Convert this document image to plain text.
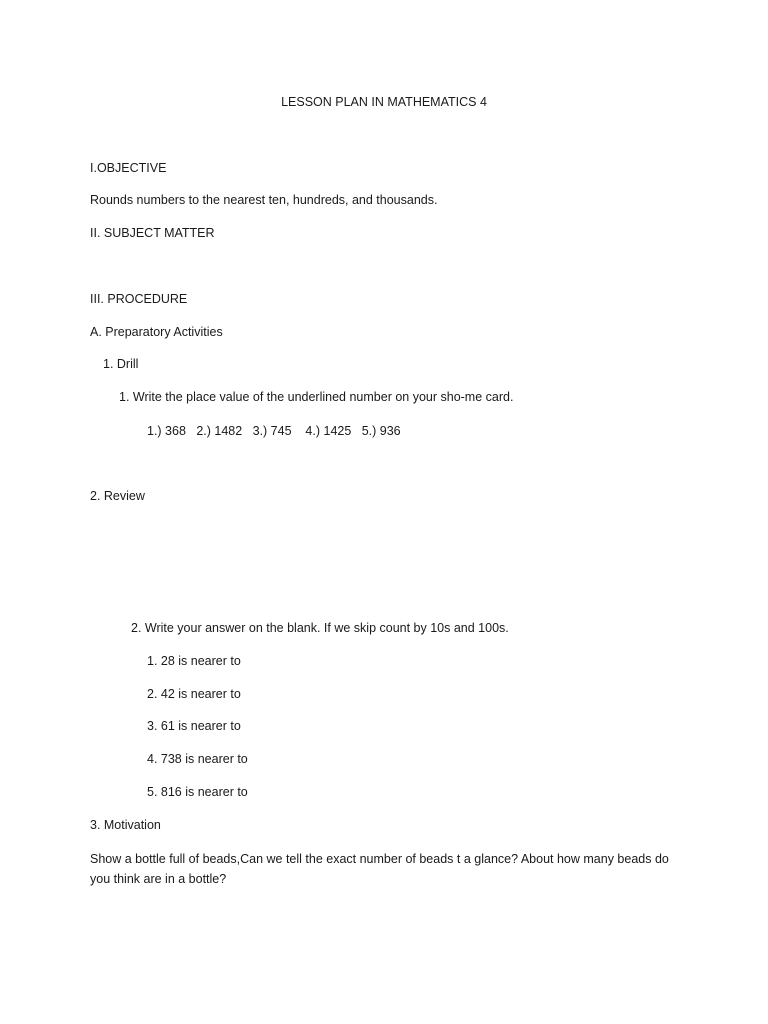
LESSON PLAN IN MATHEMATICS 4
I.OBJECTIVE
Rounds numbers to the nearest ten, hundreds, and thousands.
II. SUBJECT MATTER
III. PROCEDURE
A. Preparatory Activities
1. Drill
1. Write the place value of the underlined number on your sho-me card.
1.) 368   2.) 1482   3.) 745    4.) 1425   5.) 936
2. Review
2. Write your answer on the blank. If we skip count by 10s and 100s.
1. 28 is nearer to
2. 42 is nearer to
3. 61 is nearer to
4. 738 is nearer to
5. 816 is nearer to
3. Motivation
Show a bottle full of beads,Can we tell the exact number of beads t a glance? About how many beads do you think are in a bottle?
